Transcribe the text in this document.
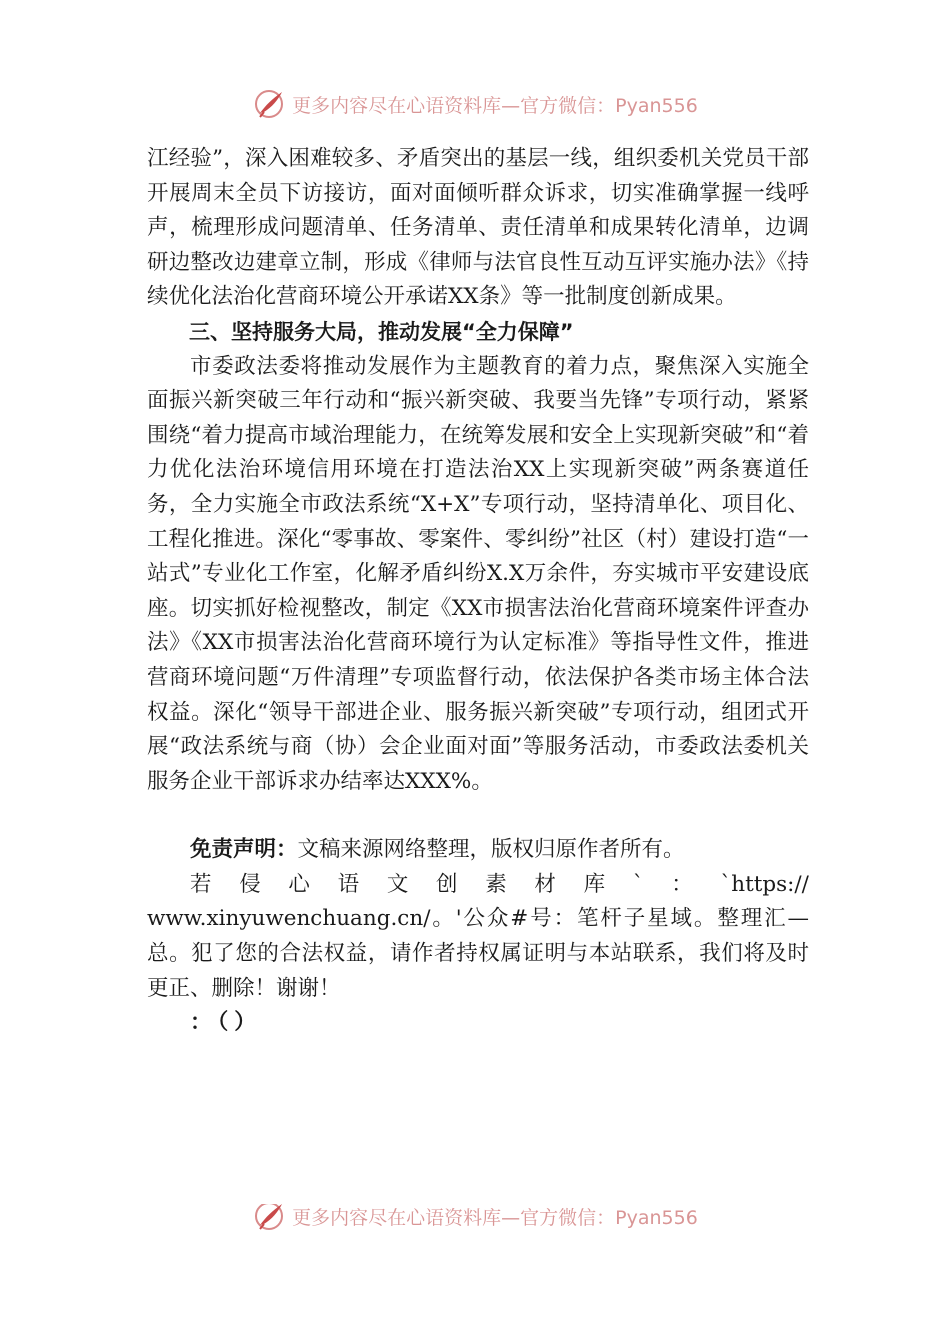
更多内容尽在心语资料库—官方微信：Pyan556

江经验”，深入困难较多、矛盾突出的基层一线，组织委机关党员干部开展周末全员下访接访，面对面倾听群众诉求，切实准确掌握一线呼声，梳理形成问题清单、任务清单、责任清单和成果转化清单，边调研边整改边建章立制，形成《律师与法官良性互动互评实施办法》《持续优化法治化营商环境公开承诺XX条》等一批制度创新成果。

三、坚持服务大局，推动发展“全力保障”

市委政法委将推动发展作为主题教育的着力点，聚焦深入实施全面振兴新突破三年行动和“振兴新突破、我要当先锋”专项行动，紧紧围绕“着力提高市域治理能力，在统筹发展和安全上实现新突破”和“着力优化法治环境信用环境在打造法治XX上实现新突破”两条赛道任务，全力实施全市政法系统“X+X”专项行动，坚持清单化、项目化、工程化推进。深化“零事故、零案件、零纠纷”社区（村）建设打造“一站式”专业化工作室，化解矛盾纠纷X.X万余件，夯实城市平安建设底座。切实抓好检视整改，制定《XX市损害法治化营商环境案件评查办法》《XX市损害法治化营商环境行为认定标准》等指导性文件，推进营商环境问题“万件清理”专项监督行动，依法保护各类市场主体合法权益。深化“领导干部进企业、服务振兴新突破”专项行动，组团式开展“政法系统与商（协）会企业面对面”等服务活动，市委政法委机关服务企业干部诉求办结率达XXX%。

免责声明：文稿来源网络整理，版权归原作者所有。

若 侵 心 语 文 创 素 材 库 ` ： `https://

www.xinyuwenchuang.cn/。'公众#号：笔杆子星域。整理汇—总。犯了您的合法权益，请作者持权属证明与本站联系，我们将及时更正、删除！谢谢！

：（）

更多内容尽在心语资料库—官方微信：Pyan556
